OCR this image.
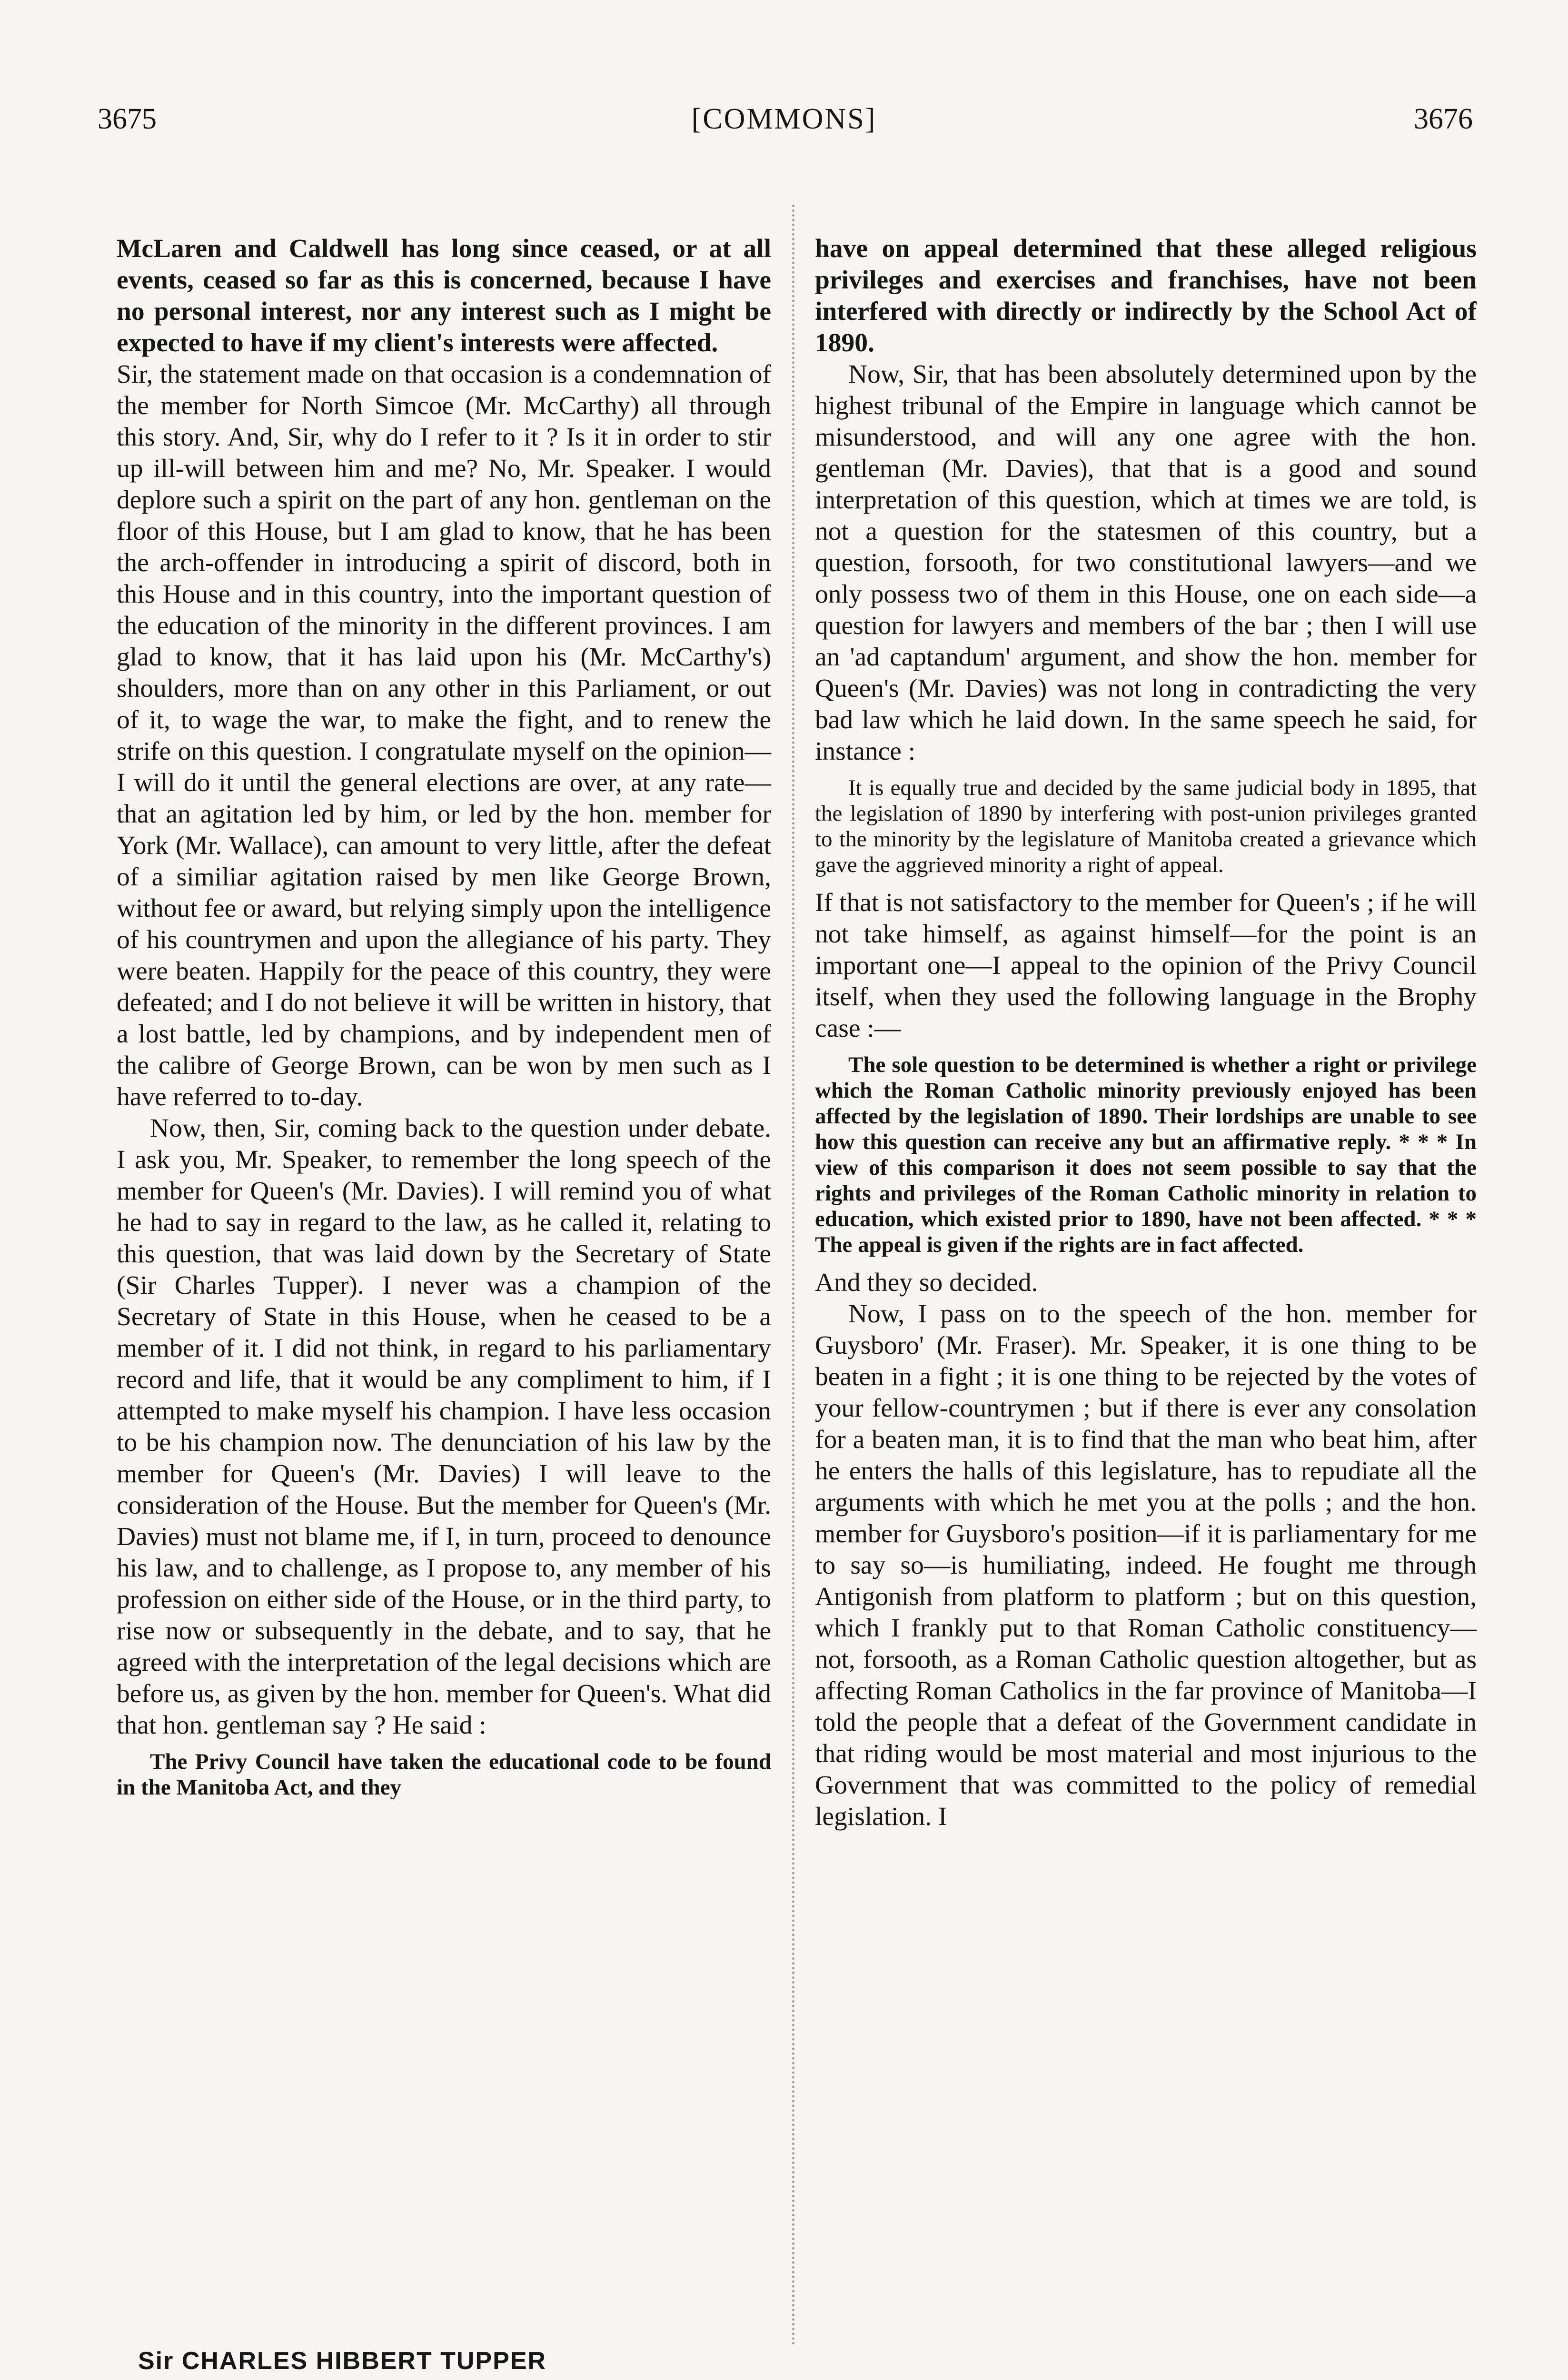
3675	[COMMONS]	3676

McLaren and Caldwell has long since ceased, or at all events, ceased so far as this is concerned, because I have no personal interest, nor any interest such as I might be expected to have if my client's interests were affected.

Sir, the statement made on that occasion is a condemnation of the member for North Simcoe (Mr. McCarthy) all through this story. And, Sir, why do I refer to it ? Is it in order to stir up ill-will between him and me? No, Mr. Speaker. I would deplore such a spirit on the part of any hon. gentleman on the floor of this House, but I am glad to know, that he has been the arch-offender in introducing a spirit of discord, both in this House and in this country, into the important question of the education of the minority in the different provinces. I am glad to know, that it has laid upon his (Mr. McCarthy's) shoulders, more than on any other in this Parliament, or out of it, to wage the war, to make the fight, and to renew the strife on this question. I congratulate myself on the opinion—I will do it until the general elections are over, at any rate—that an agitation led by him, or led by the hon. member for York (Mr. Wallace), can amount to very little, after the defeat of a similiar agitation raised by men like George Brown, without fee or award, but relying simply upon the intelligence of his countrymen and upon the allegiance of his party. They were beaten. Happily for the peace of this country, they were defeated; and I do not believe it will be written in history, that a lost battle, led by champions, and by independent men of the calibre of George Brown, can be won by men such as I have referred to to-day.

Now, then, Sir, coming back to the question under debate. I ask you, Mr. Speaker, to remember the long speech of the member for Queen's (Mr. Davies). I will remind you of what he had to say in regard to the law, as he called it, relating to this question, that was laid down by the Secretary of State (Sir Charles Tupper). I never was a champion of the Secretary of State in this House, when he ceased to be a member of it. I did not think, in regard to his parliamentary record and life, that it would be any compliment to him, if I attempted to make myself his champion. I have less occasion to be his champion now. The denunciation of his law by the member for Queen's (Mr. Davies) I will leave to the consideration of the House. But the member for Queen's (Mr. Davies) must not blame me, if I, in turn, proceed to denounce his law, and to challenge, as I propose to, any member of his profession on either side of the House, or in the third party, to rise now or subsequently in the debate, and to say, that he agreed with the interpretation of the legal decisions which are before us, as given by the hon. member for Queen's. What did that hon. gentleman say ? He said :

The Privy Council have taken the educational code to be found in the Manitoba Act, and they

have on appeal determined that these alleged religious privileges and exercises and franchises, have not been interfered with directly or indirectly by the School Act of 1890.

Now, Sir, that has been absolutely determined upon by the highest tribunal of the Empire in language which cannot be misunderstood, and will any one agree with the hon. gentleman (Mr. Davies), that that is a good and sound interpretation of this question, which at times we are told, is not a question for the statesmen of this country, but a question, forsooth, for two constitutional lawyers—and we only possess two of them in this House, one on each side—a question for lawyers and members of the bar ; then I will use an 'ad captandum' argument, and show the hon. member for Queen's (Mr. Davies) was not long in contradicting the very bad law which he laid down. In the same speech he said, for instance :

It is equally true and decided by the same judicial body in 1895, that the legislation of 1890 by interfering with post-union privileges granted to the minority by the legislature of Manitoba created a grievance which gave the aggrieved minority a right of appeal.

If that is not satisfactory to the member for Queen's ; if he will not take himself, as against himself—for the point is an important one—I appeal to the opinion of the Privy Council itself, when they used the following language in the Brophy case :—

The sole question to be determined is whether a right or privilege which the Roman Catholic minority previously enjoyed has been affected by the legislation of 1890. Their lordships are unable to see how this question can receive any but an affirmative reply. * * * In view of this comparison it does not seem possible to say that the rights and privileges of the Roman Catholic minority in relation to education, which existed prior to 1890, have not been affected. * * * The appeal is given if the rights are in fact affected.

And they so decided.

Now, I pass on to the speech of the hon. member for Guysboro' (Mr. Fraser). Mr. Speaker, it is one thing to be beaten in a fight ; it is one thing to be rejected by the votes of your fellow-countrymen ; but if there is ever any consolation for a beaten man, it is to find that the man who beat him, after he enters the halls of this legislature, has to repudiate all the arguments with which he met you at the polls ; and the hon. member for Guysboro's position—if it is parliamentary for me to say so—is humiliating, indeed. He fought me through Antigonish from platform to platform ; but on this question, which I frankly put to that Roman Catholic constituency—not, forsooth, as a Roman Catholic question altogether, but as affecting Roman Catholics in the far province of Manitoba—I told the people that a defeat of the Government candidate in that riding would be most material and most injurious to the Government that was committed to the policy of remedial legislation. I

Sir CHARLES HIBBERT TUPPER
